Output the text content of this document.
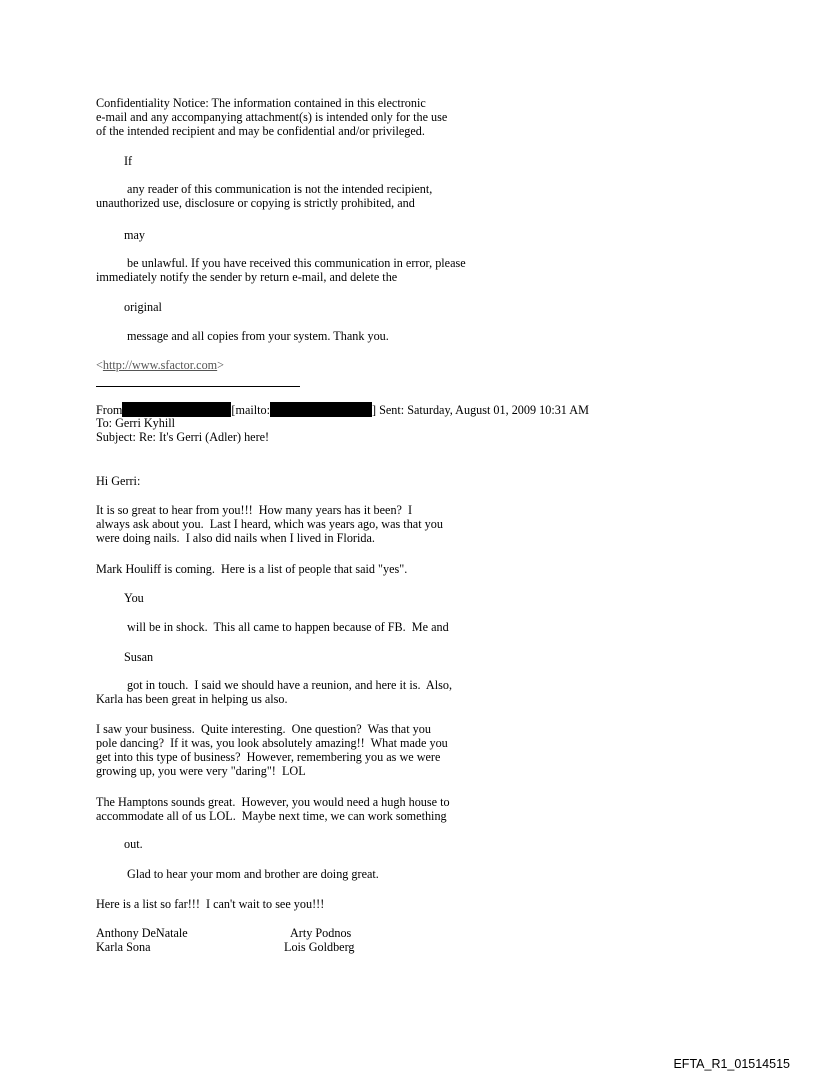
Confidentiality Notice: The information contained in this electronic
e-mail and any accompanying attachment(s) is intended only for the use
of the intended recipient and may be confidential and/or privileged.
If
any reader of this communication is not the intended recipient,
unauthorized use, disclosure or copying is strictly prohibited, and
may
be unlawful. If you have received this communication in error, please
immediately notify the sender by return e-mail, and delete the
original
message and all copies from your system. Thank you.
<http://www.sfactor.com>
From	[mailto:	] Sent: Saturday, August 01, 2009 10:31 AM
To: Gerri Kyhill
Subject: Re: It's Gerri (Adler) here!
Hi Gerri:
It is so great to hear from you!!!  How many years has it been?  I
always ask about you.  Last I heard, which was years ago, was that you
were doing nails.  I also did nails when I lived in Florida.
Mark Houliff is coming.  Here is a list of people that said "yes".
You
will be in shock.  This all came to happen because of FB.  Me and
Susan
got in touch.  I said we should have a reunion, and here it is.  Also,
Karla has been great in helping us also.
I saw your business.  Quite interesting.  One question?  Was that you
pole dancing?  If it was, you look absolutely amazing!!  What made you
get into this type of business?  However, remembering you as we were
growing up, you were very "daring"!  LOL
The Hamptons sounds great.  However, you would need a hugh house to
accommodate all of us LOL.  Maybe next time, we can work something
out.
Glad to hear your mom and brother are doing great.
Here is a list so far!!!  I can't wait to see you!!!
Anthony DeNatale	Arty Podnos
Karla Sona	Lois Goldberg
EFTA_R1_01514515
